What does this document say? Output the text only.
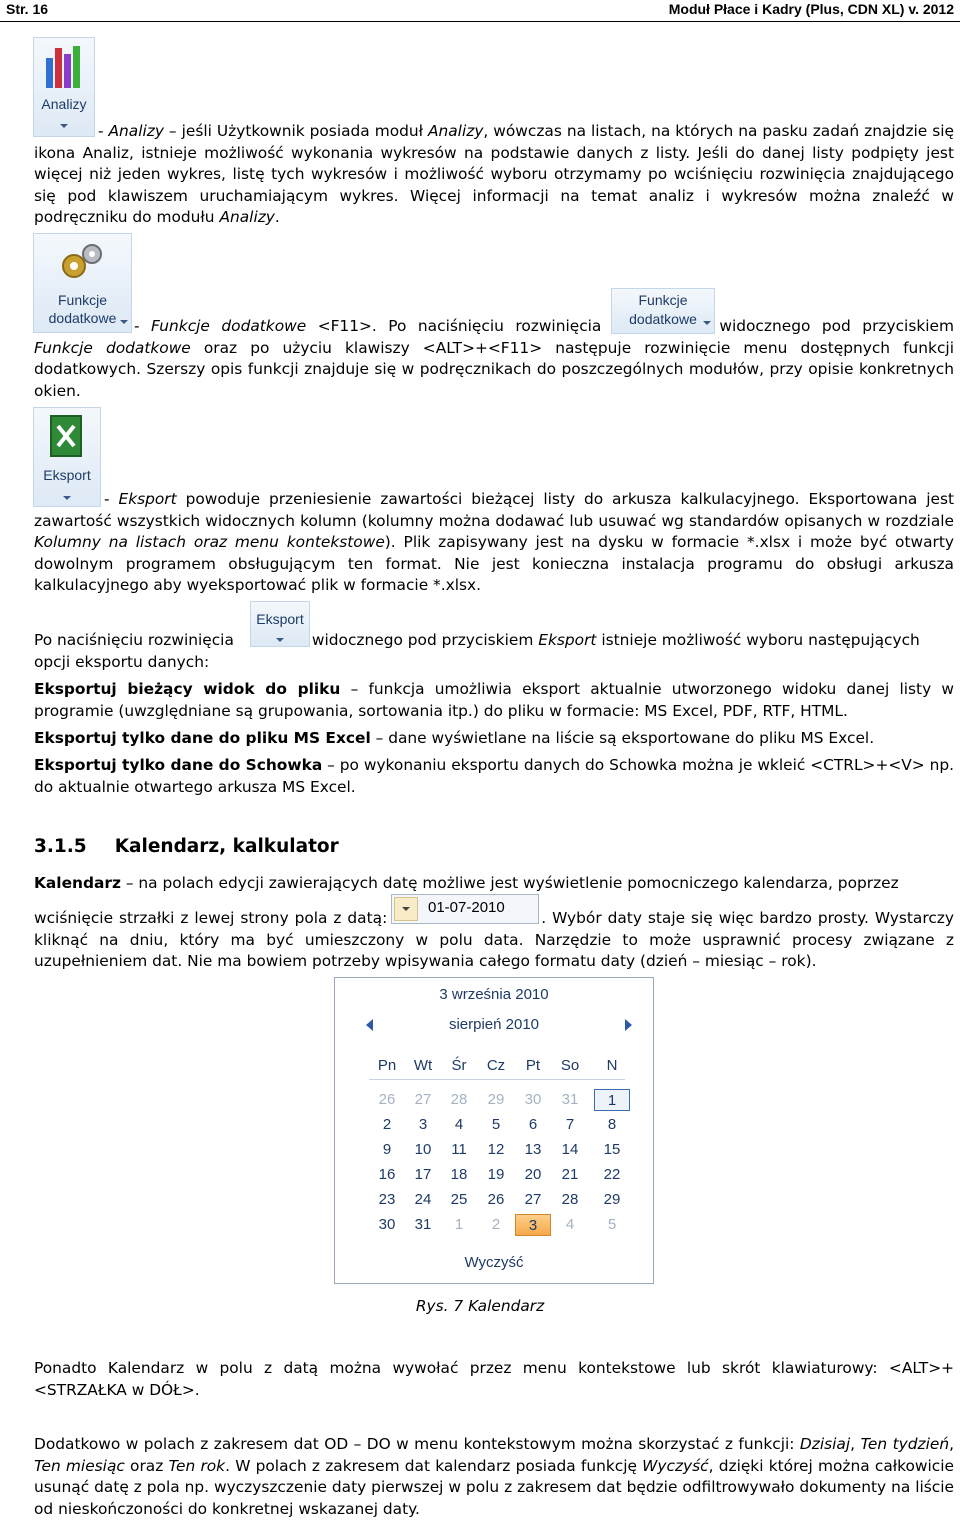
Str. 16	Moduł Płace i Kadry (Plus, CDN XL) v. 2012
Analizy
- Analizy – jeśli Użytkownik posiada moduł Analizy, wówczas na listach, na których na pasku zadań znajdzie się ikona Analiz, istnieje możliwość wykonania wykresów na podstawie danych z listy. Jeśli do danej listy podpięty jest więcej niż jeden wykres, listę tych wykresów i możliwość wyboru otrzymamy po wciśnięciu rozwinięcia znajdującego się pod klawiszem uruchamiającym wykres. Więcej informacji na temat analiz i wykresów można znaleźć w podręczniku do modułu Analizy.
Funkcje dodatkowe
Funkcje dodatkowe
- Funkcje dodatkowe <F11>. Po naciśnięciu rozwinięcia	widocznego pod przyciskiem Funkcje dodatkowe oraz po użyciu klawiszy <ALT>+<F11> następuje rozwinięcie menu dostępnych funkcji dodatkowych. Szerszy opis funkcji znajduje się w podręcznikach do poszczególnych modułów, przy opisie konkretnych okien.
Eksport
- Eksport powoduje przeniesienie zawartości bieżącej listy do arkusza kalkulacyjnego. Eksportowana jest zawartość wszystkich widocznych kolumn (kolumny można dodawać lub usuwać wg standardów opisanych w rozdziale Kolumny na listach oraz menu kontekstowe). Plik zapisywany jest na dysku w formacie *.xlsx i może być otwarty dowolnym programem obsługującym ten format. Nie jest konieczna instalacja programu do obsługi arkusza kalkulacyjnego aby wyeksportować plik w formacie *.xlsx.
Eksport
Po naciśnięciu rozwinięcia	widocznego pod przyciskiem Eksport istnieje możliwość wyboru następujących
opcji eksportu danych:
Eksportuj bieżący widok do pliku – funkcja umożliwia eksport aktualnie utworzonego widoku danej listy w programie (uwzględniane są grupowania, sortowania itp.) do pliku w formacie: MS Excel, PDF, RTF, HTML.
Eksportuj tylko dane do pliku MS Excel – dane wyświetlane na liście są eksportowane do pliku MS Excel.
Eksportuj tylko dane do Schowka – po wykonaniu eksportu danych do Schowka można je wkleić <CTRL>+<V> np. do aktualnie otwartego arkusza MS Excel.
3.1.5 Kalendarz, kalkulator
Kalendarz – na polach edycji zawierających datę możliwe jest wyświetlenie pomocniczego kalendarza, poprzez
01-07-2010
wciśnięcie strzałki z lewej strony pola z datą:	. Wybór daty staje się więc bardzo prosty. Wystarczy kliknąć na dniu, który ma być umieszczony w polu data. Narzędzie to może usprawnić procesy związane z uzupełnieniem dat. Nie ma bowiem potrzeby wpisywania całego formatu daty (dzień – miesiąc – rok).
3 września 2010
sierpień 2010
Pn	Wt	Śr	Cz	Pt	So	N
26	27	28	29	30	31	1
2	3	4	5	6	7	8
9	10	11	12	13	14	15
16	17	18	19	20	21	22
23	24	25	26	27	28	29
30	31	1	2	3	4	5
Wyczyść
Rys. 7 Kalendarz
Ponadto Kalendarz w polu z datą można wywołać przez menu kontekstowe lub skrót klawiaturowy: <ALT>+<STRZAŁKA w DÓŁ>.
Dodatkowo w polach z zakresem dat OD – DO w menu kontekstowym można skorzystać z funkcji: Dzisiaj, Ten tydzień, Ten miesiąc oraz Ten rok. W polach z zakresem dat kalendarz posiada funkcję Wyczyść, dzięki której można całkowicie usunąć datę z pola np. wyczyszczenie daty pierwszej w polu z zakresem dat będzie odfiltrowywało dokumenty na liście od nieskończoności do konkretnej wskazanej daty.
